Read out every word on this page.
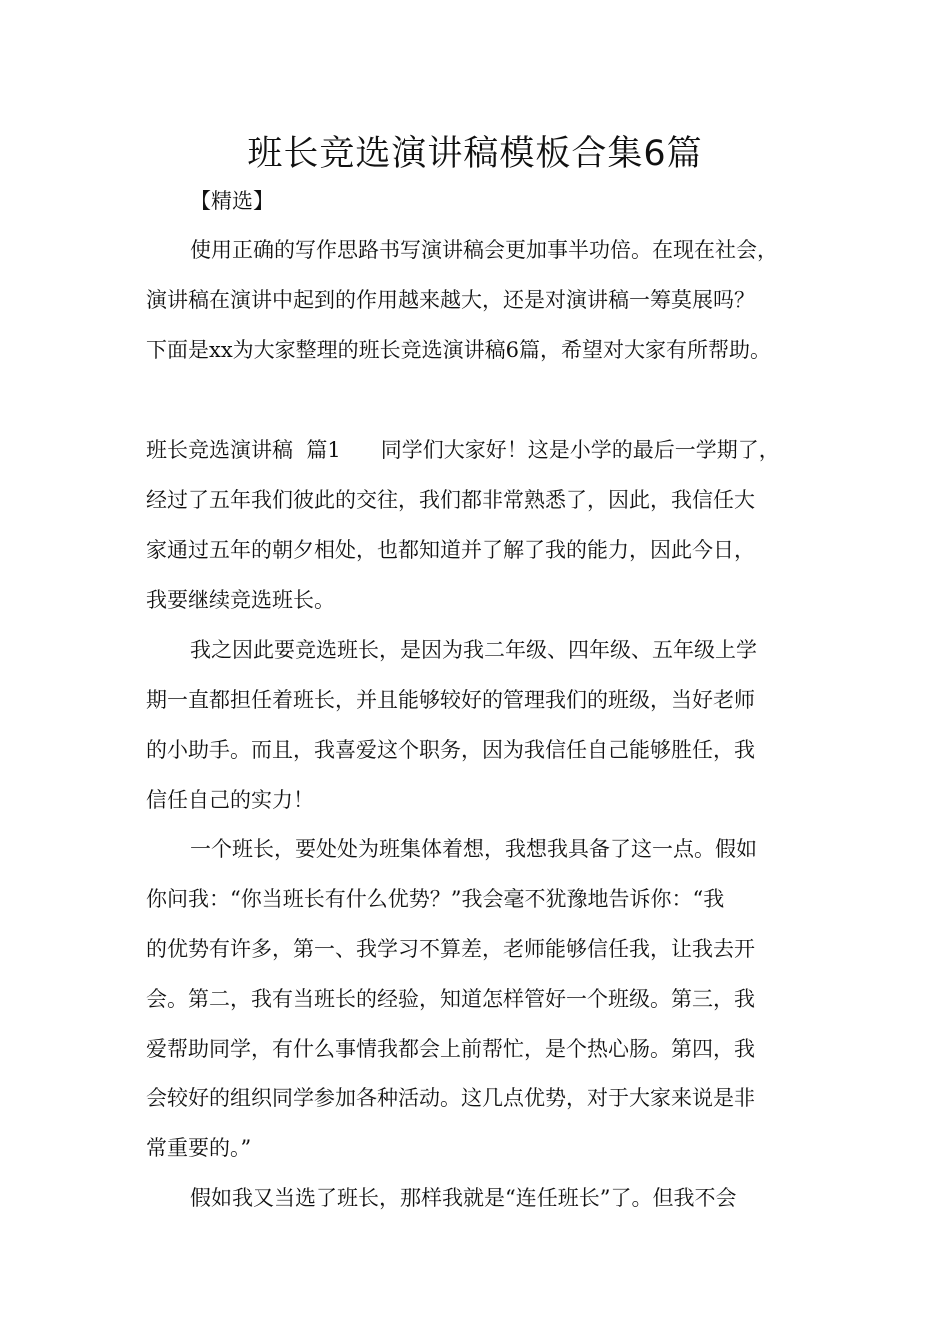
班长竞选演讲稿模板合集6篇

【精选】

使用正确的写作思路书写演讲稿会更加事半功倍。在现在社会，

演讲稿在演讲中起到的作用越来越大，还是对演讲稿一筹莫展吗？

下面是xx为大家整理的班长竞选演讲稿6篇，希望对大家有所帮助。

班长竞选演讲稿  篇1      同学们大家好！这是小学的最后一学期了，

经过了五年我们彼此的交往，我们都非常熟悉了，因此，我信任大

家通过五年的朝夕相处，也都知道并了解了我的能力，因此今日，

我要继续竞选班长。

我之因此要竞选班长，是因为我二年级、四年级、五年级上学

期一直都担任着班长，并且能够较好的管理我们的班级，当好老师

的小助手。而且，我喜爱这个职务，因为我信任自己能够胜任，我

信任自己的实力！

一个班长，要处处为班集体着想，我想我具备了这一点。假如

你问我：“你当班长有什么优势？”我会毫不犹豫地告诉你：“我

的优势有许多，第一、我学习不算差，老师能够信任我，让我去开

会。第二，我有当班长的经验，知道怎样管好一个班级。第三，我

爱帮助同学，有什么事情我都会上前帮忙，是个热心肠。第四，我

会较好的组织同学参加各种活动。这几点优势，对于大家来说是非

常重要的。”

假如我又当选了班长，那样我就是“连任班长”了。但我不会
